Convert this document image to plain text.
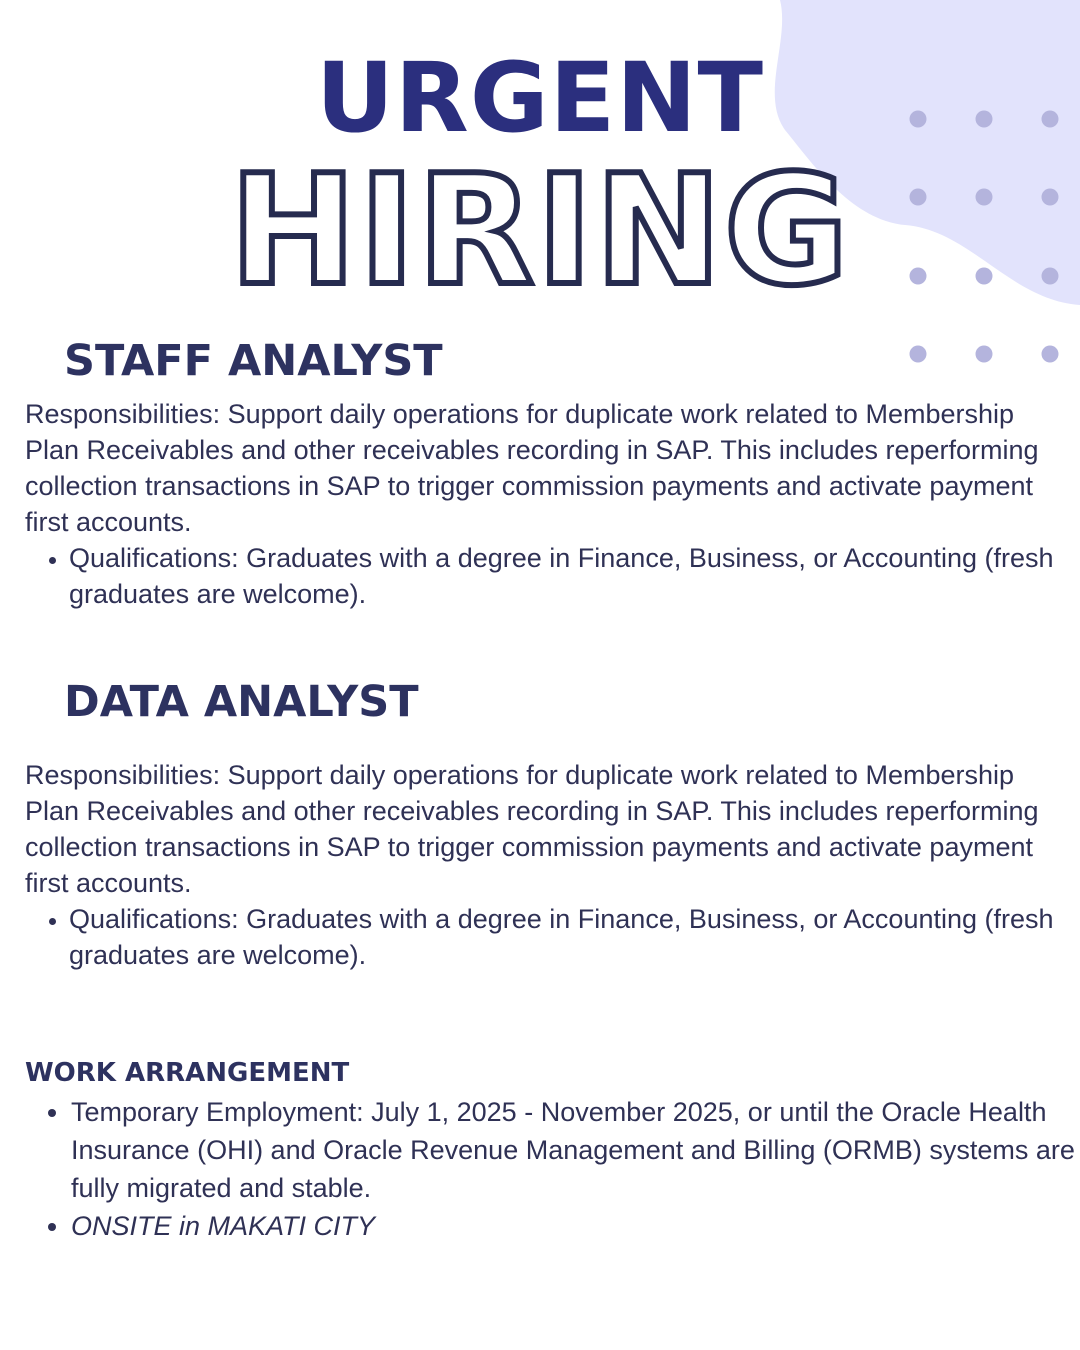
URGENT
HIRING
STAFF ANALYST

Responsibilities: Support daily operations for duplicate work related to Membership Plan Receivables and other receivables recording in SAP. This includes reperforming collection transactions in SAP to trigger commission payments and activate payment first accounts.

• Qualifications: Graduates with a degree in Finance, Business, or Accounting (fresh graduates are welcome).
DATA ANALYST

Responsibilities: Support daily operations for duplicate work related to Membership Plan Receivables and other receivables recording in SAP. This includes reperforming collection transactions in SAP to trigger commission payments and activate payment first accounts.

• Qualifications: Graduates with a degree in Finance, Business, or Accounting (fresh graduates are welcome).
WORK ARRANGEMENT
• Temporary Employment: July 1, 2025 - November 2025, or until the Oracle Health Insurance (OHI) and Oracle Revenue Management and Billing (ORMB) systems are fully migrated and stable.
• ONSITE in MAKATI CITY
